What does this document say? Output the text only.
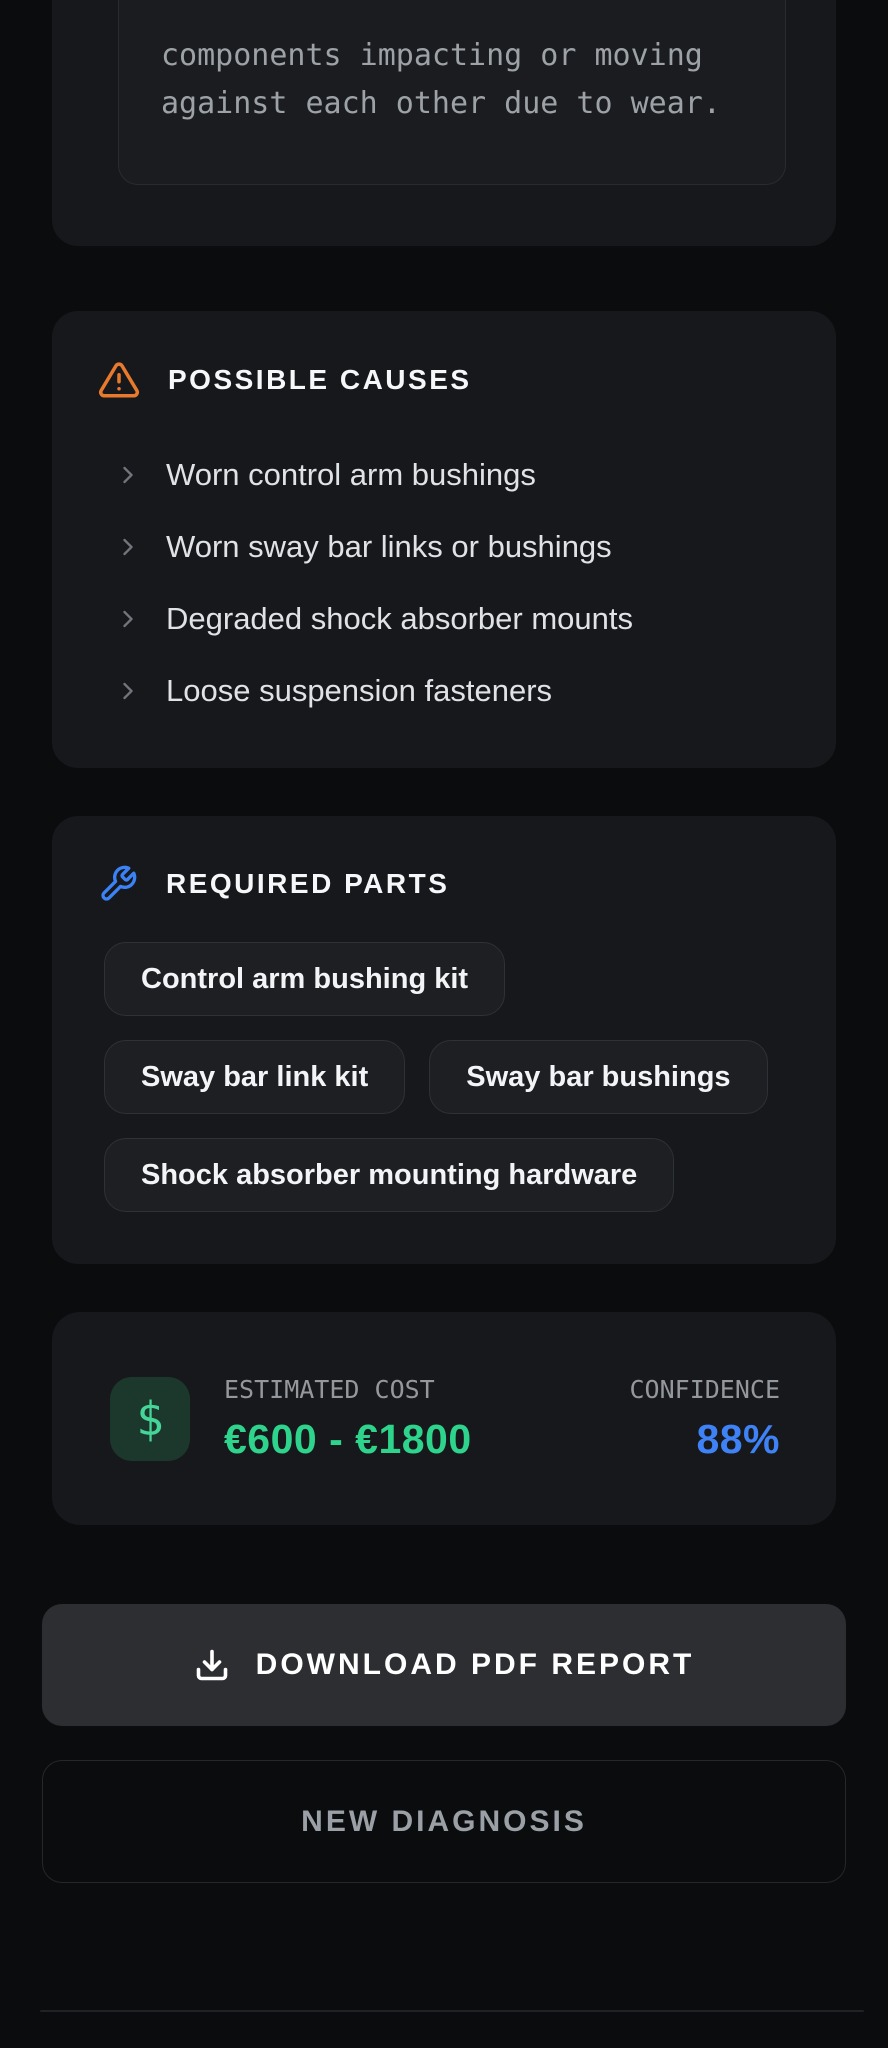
components impacting or moving against each other due to wear.
POSSIBLE CAUSES
Worn control arm bushings
Worn sway bar links or bushings
Degraded shock absorber mounts
Loose suspension fasteners
REQUIRED PARTS
Control arm bushing kit
Sway bar link kit	Sway bar bushings
Shock absorber mounting hardware
$
ESTIMATED COST
€600 - €1800
CONFIDENCE
88%
DOWNLOAD PDF REPORT
NEW DIAGNOSIS
